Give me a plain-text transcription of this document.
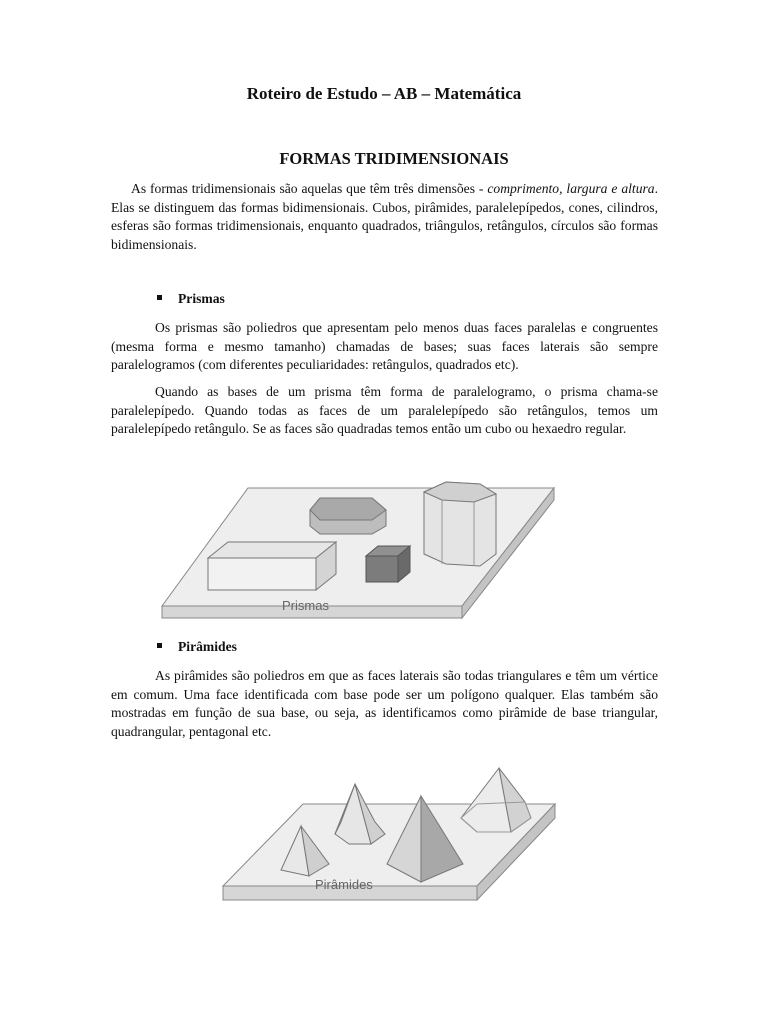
Roteiro de Estudo – AB – Matemática
FORMAS TRIDIMENSIONAIS

As formas tridimensionais são aquelas que têm três dimensões - comprimento, largura e altura. Elas se distinguem das formas bidimensionais. Cubos, pirâmides, paralelepípedos, cones, cilindros, esferas são formas tridimensionais, enquanto quadrados, triângulos, retângulos, círculos são formas bidimensionais.

Prismas

Os prismas são poliedros que apresentam pelo menos duas faces paralelas e congruentes (mesma forma e mesmo tamanho) chamadas de bases; suas faces laterais são sempre paralelogramos (com diferentes peculiaridades: retângulos, quadrados etc).

Quando as bases de um prisma têm forma de paralelogramo, o prisma chama-se paralelepípedo. Quando todas as faces de um paralelepípedo são retângulos, temos um paralelepípedo retângulo. Se as faces são quadradas temos então um cubo ou hexaedro regular.

Prismas
Pirâmides

As pirâmides são poliedros em que as faces laterais são todas triangulares e têm um vértice em comum. Uma face identificada com base pode ser um polígono qualquer. Elas também são mostradas em função de sua base, ou seja, as identificamos como pirâmide de base triangular, quadrangular, pentagonal etc.

Pirâmides
